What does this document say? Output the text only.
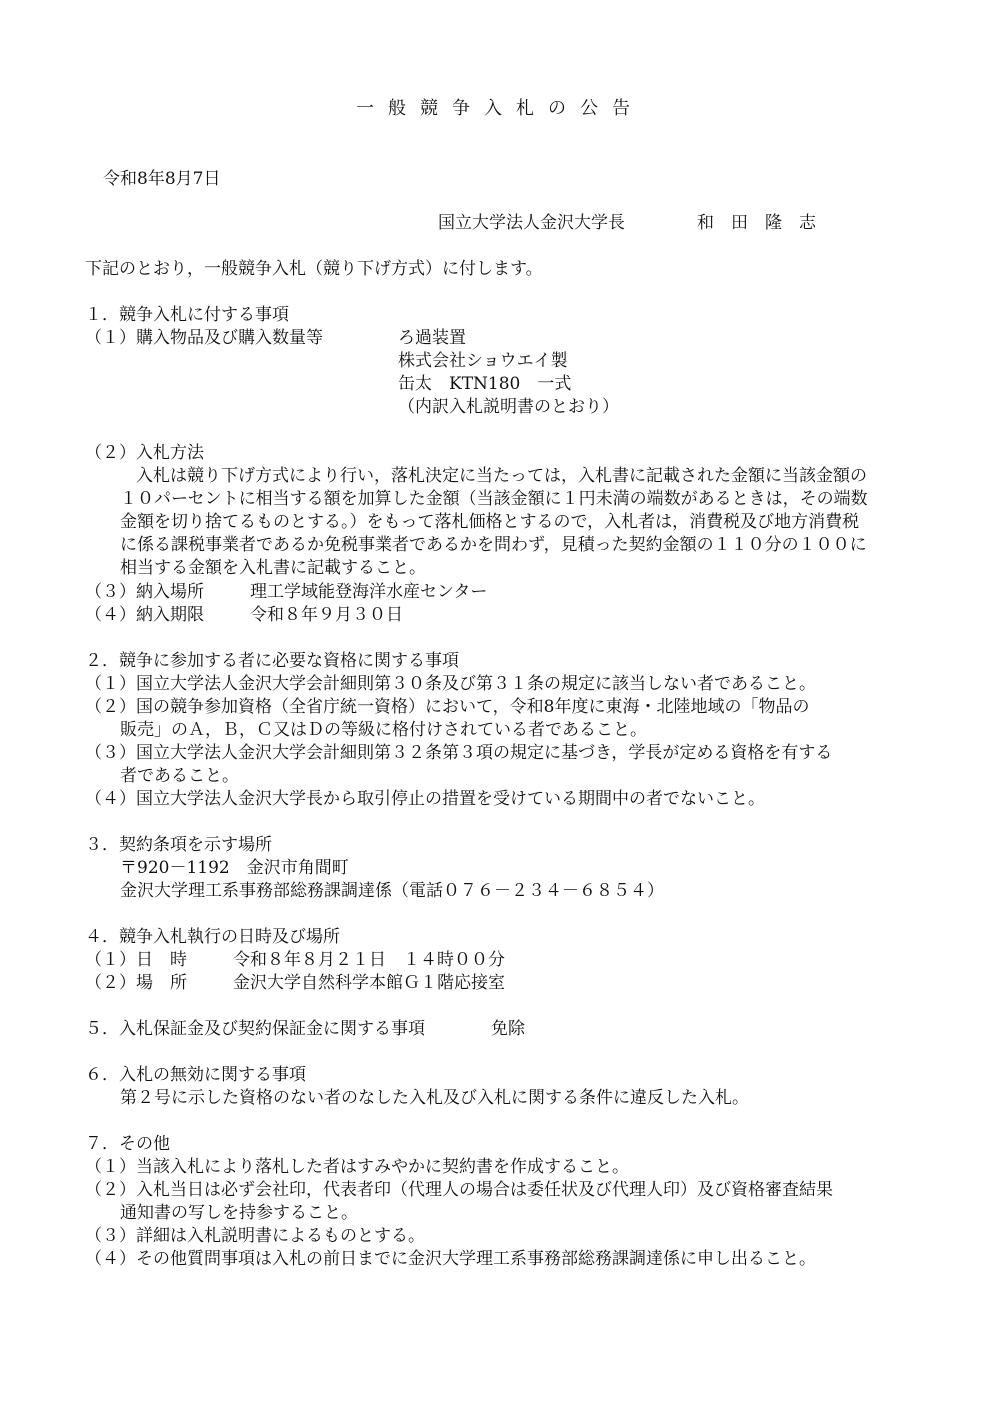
一般競争入札の公告
令和8年8月7日
国立大学法人金沢大学長	和　田　隆　志
下記のとおり，一般競争入札（競り下げ方式）に付します。
１．競争入札に付する事項
（１）購入物品及び購入数量等	ろ過装置
株式会社ショウエイ製
缶太　KTN180　一式
（内訳入札説明書のとおり）
（２）入札方法
入札は競り下げ方式により行い，落札決定に当たっては，入札書に記載された金額に当該金額の
１０パーセントに相当する額を加算した金額（当該金額に１円未満の端数があるときは，その端数
金額を切り捨てるものとする。）をもって落札価格とするので，入札者は，消費税及び地方消費税
に係る課税事業者であるか免税事業者であるかを問わず，見積った契約金額の１１０分の１００に
相当する金額を入札書に記載すること。
（３）納入場所	理工学域能登海洋水産センター
（４）納入期限	令和８年９月３０日
２．競争に参加する者に必要な資格に関する事項
（１）国立大学法人金沢大学会計細則第３０条及び第３１条の規定に該当しない者であること。
（２）国の競争参加資格（全省庁統一資格）において，令和8年度に東海・北陸地域の「物品の
販売」のＡ，Ｂ，Ｃ又はＤの等級に格付けされている者であること。
（３）国立大学法人金沢大学会計細則第３２条第３項の規定に基づき，学長が定める資格を有する
者であること。
（４）国立大学法人金沢大学長から取引停止の措置を受けている期間中の者でないこと。
３．契約条項を示す場所
〒920－1192　金沢市角間町
金沢大学理工系事務部総務課調達係（電話０７６－２３４－６８５４）
４．競争入札執行の日時及び場所
（１）日　時	令和８年８月２１日　１４時００分
（２）場　所	金沢大学自然科学本館Ｇ１階応接室
５．入札保証金及び契約保証金に関する事項	免除
６．入札の無効に関する事項
第２号に示した資格のない者のなした入札及び入札に関する条件に違反した入札。
７．その他
（１）当該入札により落札した者はすみやかに契約書を作成すること。
（２）入札当日は必ず会社印，代表者印（代理人の場合は委任状及び代理人印）及び資格審査結果
通知書の写しを持参すること。
（３）詳細は入札説明書によるものとする。
（４）その他質問事項は入札の前日までに金沢大学理工系事務部総務課調達係に申し出ること。
